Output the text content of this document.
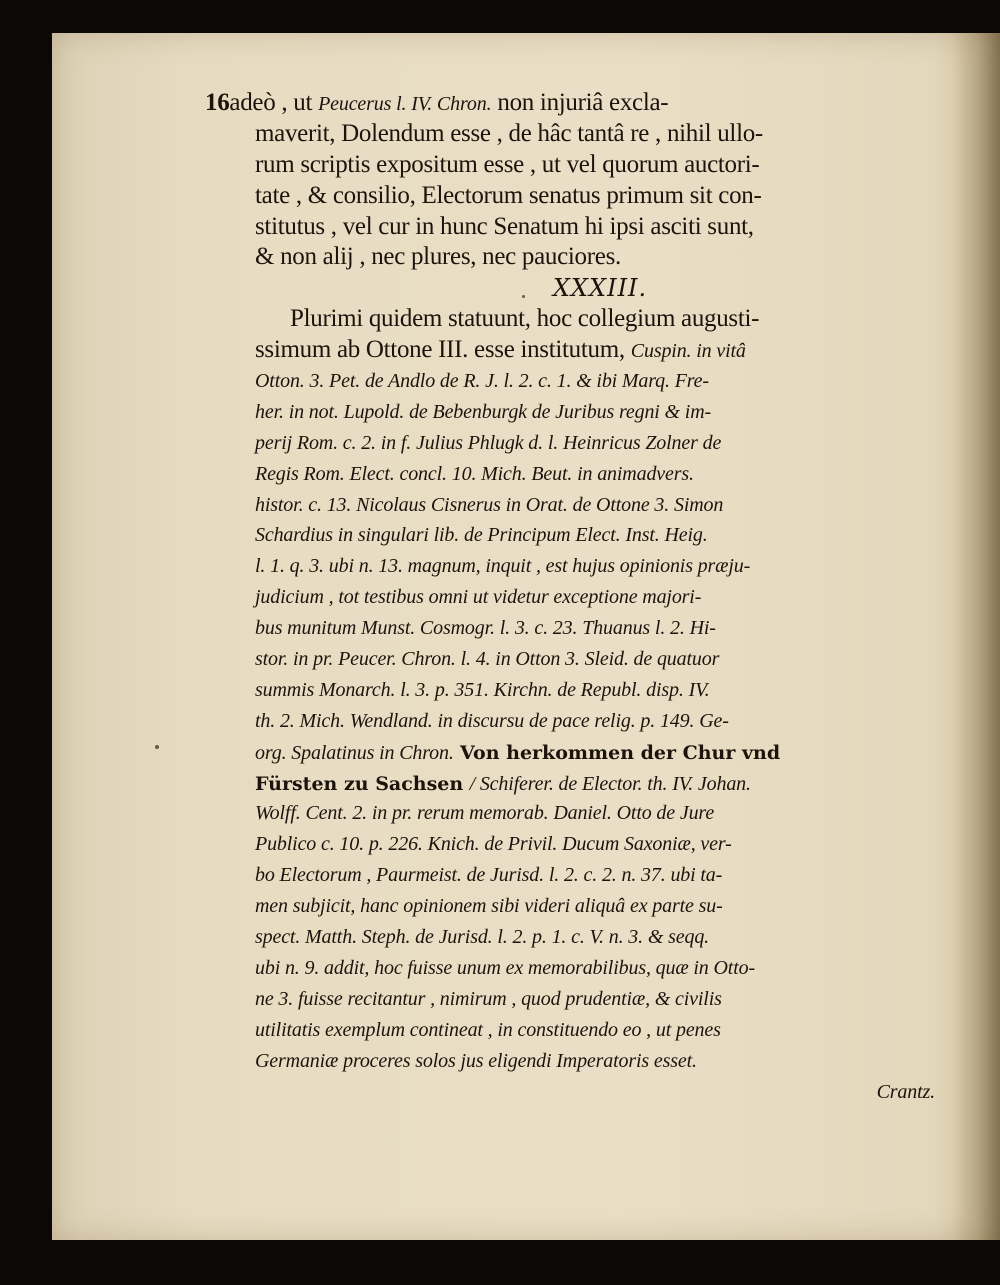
16adeò , ut Peucerus l. IV. Chron. non injuriâ excla-

maverit, Dolendum esse , de hâc tantâ re , nihil ullo-

rum scriptis expositum esse , ut vel quorum auctori-

tate , & consilio, Electorum senatus primum sit con-

stitutus , vel cur in hunc Senatum hi ipsi asciti sunt,

& non alij , nec plures, nec pauciores.

XXXIII.

Plurimi quidem statuunt, hoc collegium augusti-

ssimum ab Ottone III. esse institutum, Cuspin. in vitâ

Otton. 3. Pet. de Andlo de R. J. l. 2. c. 1. & ibi Marq. Fre-

her. in not. Lupold. de Bebenburgk de Juribus regni & im-

perij Rom. c. 2. in f. Julius Phlugk d. l. Heinricus Zolner de

Regis Rom. Elect. concl. 10. Mich. Beut. in animadvers.

histor. c. 13. Nicolaus Cisnerus in Orat. de Ottone 3. Simon

Schardius in singulari lib. de Principum Elect. Inst. Heig.

l. 1. q. 3. ubi n. 13. magnum, inquit , est hujus opinionis præju-

judicium , tot testibus omni ut videtur exceptione majori-

bus munitum Munst. Cosmogr. l. 3. c. 23. Thuanus l. 2. Hi-

stor. in pr. Peucer. Chron. l. 4. in Otton 3. Sleid. de quatuor

summis Monarch. l. 3. p. 351. Kirchn. de Republ. disp. IV.

th. 2. Mich. Wendland. in discursu de pace relig. p. 149. Ge-

org. Spalatinus in Chron. Von herkommen der Chur vnd

Fürsten zu Sachsen / Schiferer. de Elector. th. IV. Johan.

Wolff. Cent. 2. in pr. rerum memorab. Daniel. Otto de Jure

Publico c. 10. p. 226. Knich. de Privil. Ducum Saxoniæ, ver-

bo Electorum , Paurmeist. de Jurisd. l. 2. c. 2. n. 37. ubi ta-

men subjicit, hanc opinionem sibi videri aliquâ ex parte su-

spect. Matth. Steph. de Jurisd. l. 2. p. 1. c. V. n. 3. & seqq.

ubi n. 9. addit, hoc fuisse unum ex memorabilibus, quæ in Otto-

ne 3. fuisse recitantur , nimirum , quod prudentiæ, & civilis

utilitatis exemplum contineat , in constituendo eo , ut penes

Germaniæ proceres solos jus eligendi Imperatoris esset.

Crantz.
